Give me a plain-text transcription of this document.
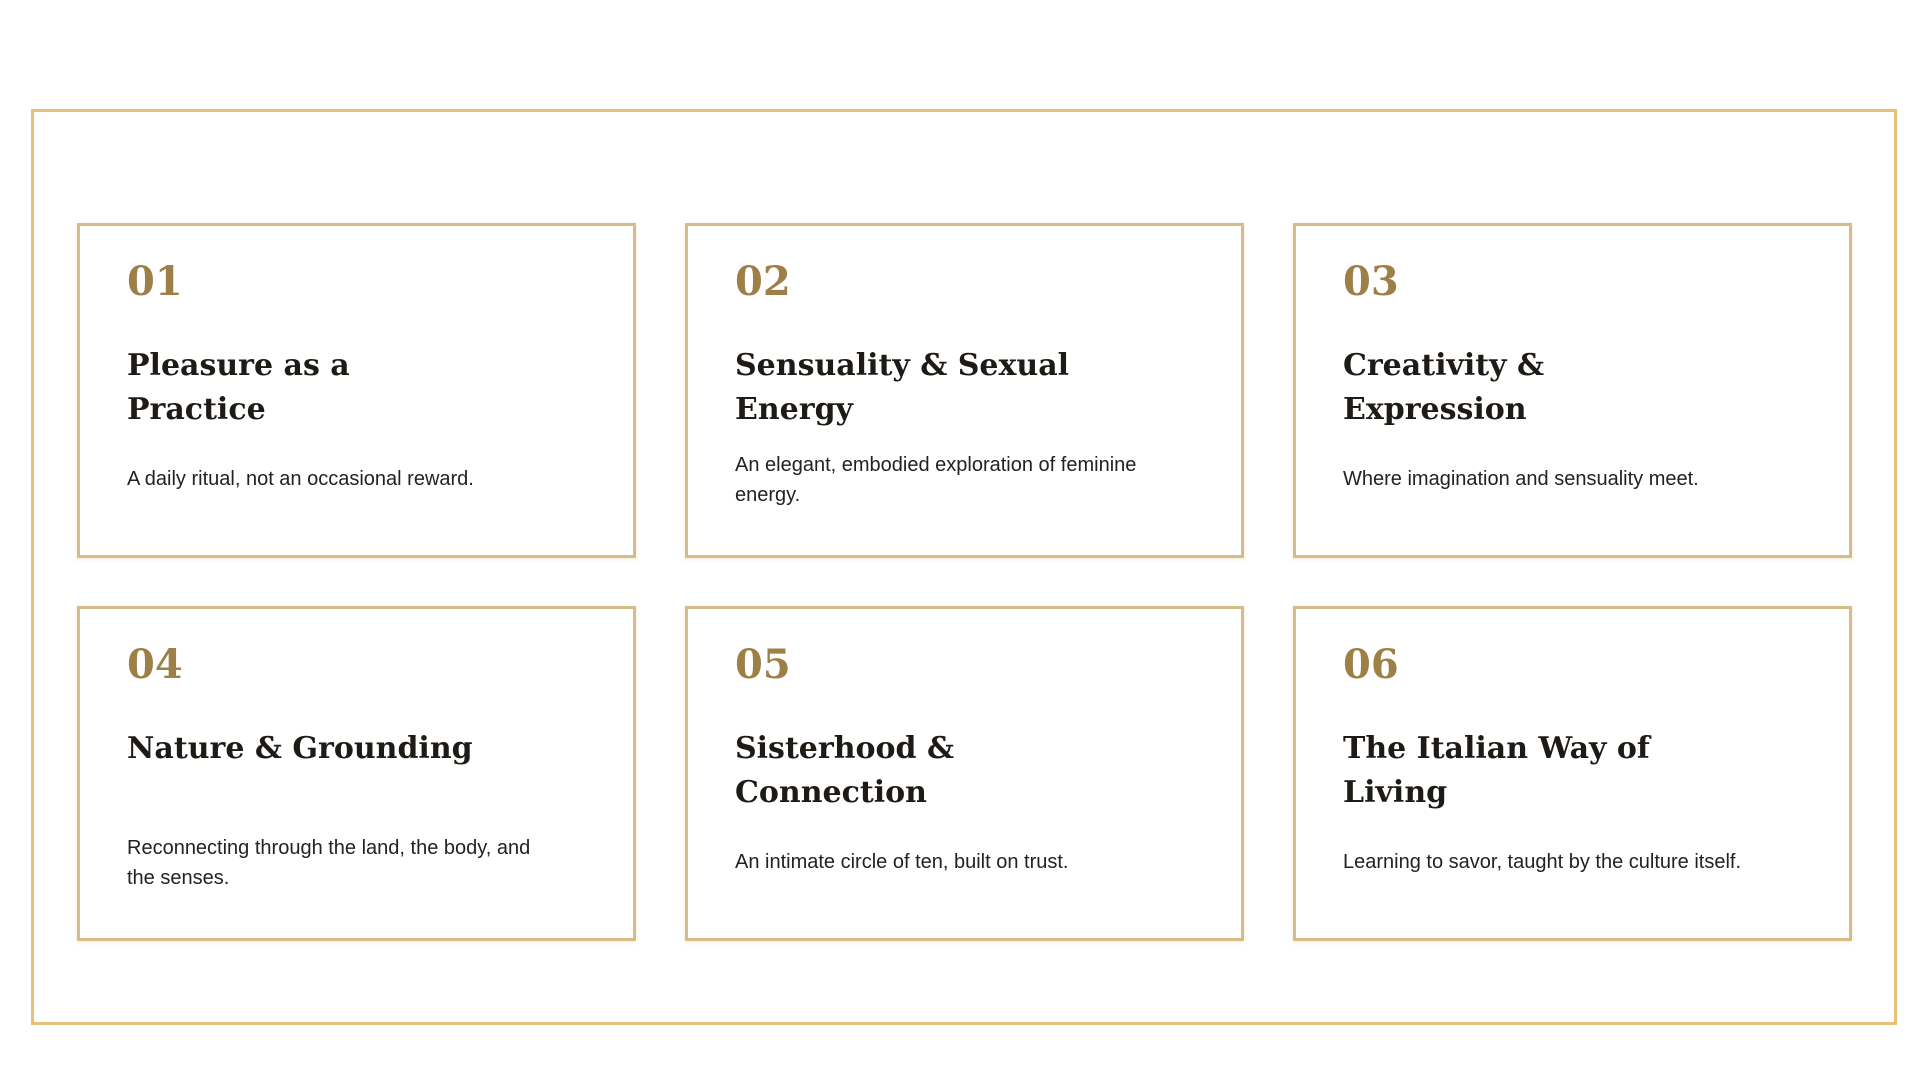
01

Pleasure as a Practice

A daily ritual, not an occasional reward.

02

Sensuality & Sexual Energy

An elegant, embodied exploration of feminine energy.

03

Creativity & Expression

Where imagination and sensuality meet.

04

Nature & Grounding

Reconnecting through the land, the body, and the senses.

05

Sisterhood & Connection

An intimate circle of ten, built on trust.

06

The Italian Way of Living

Learning to savor, taught by the culture itself.
